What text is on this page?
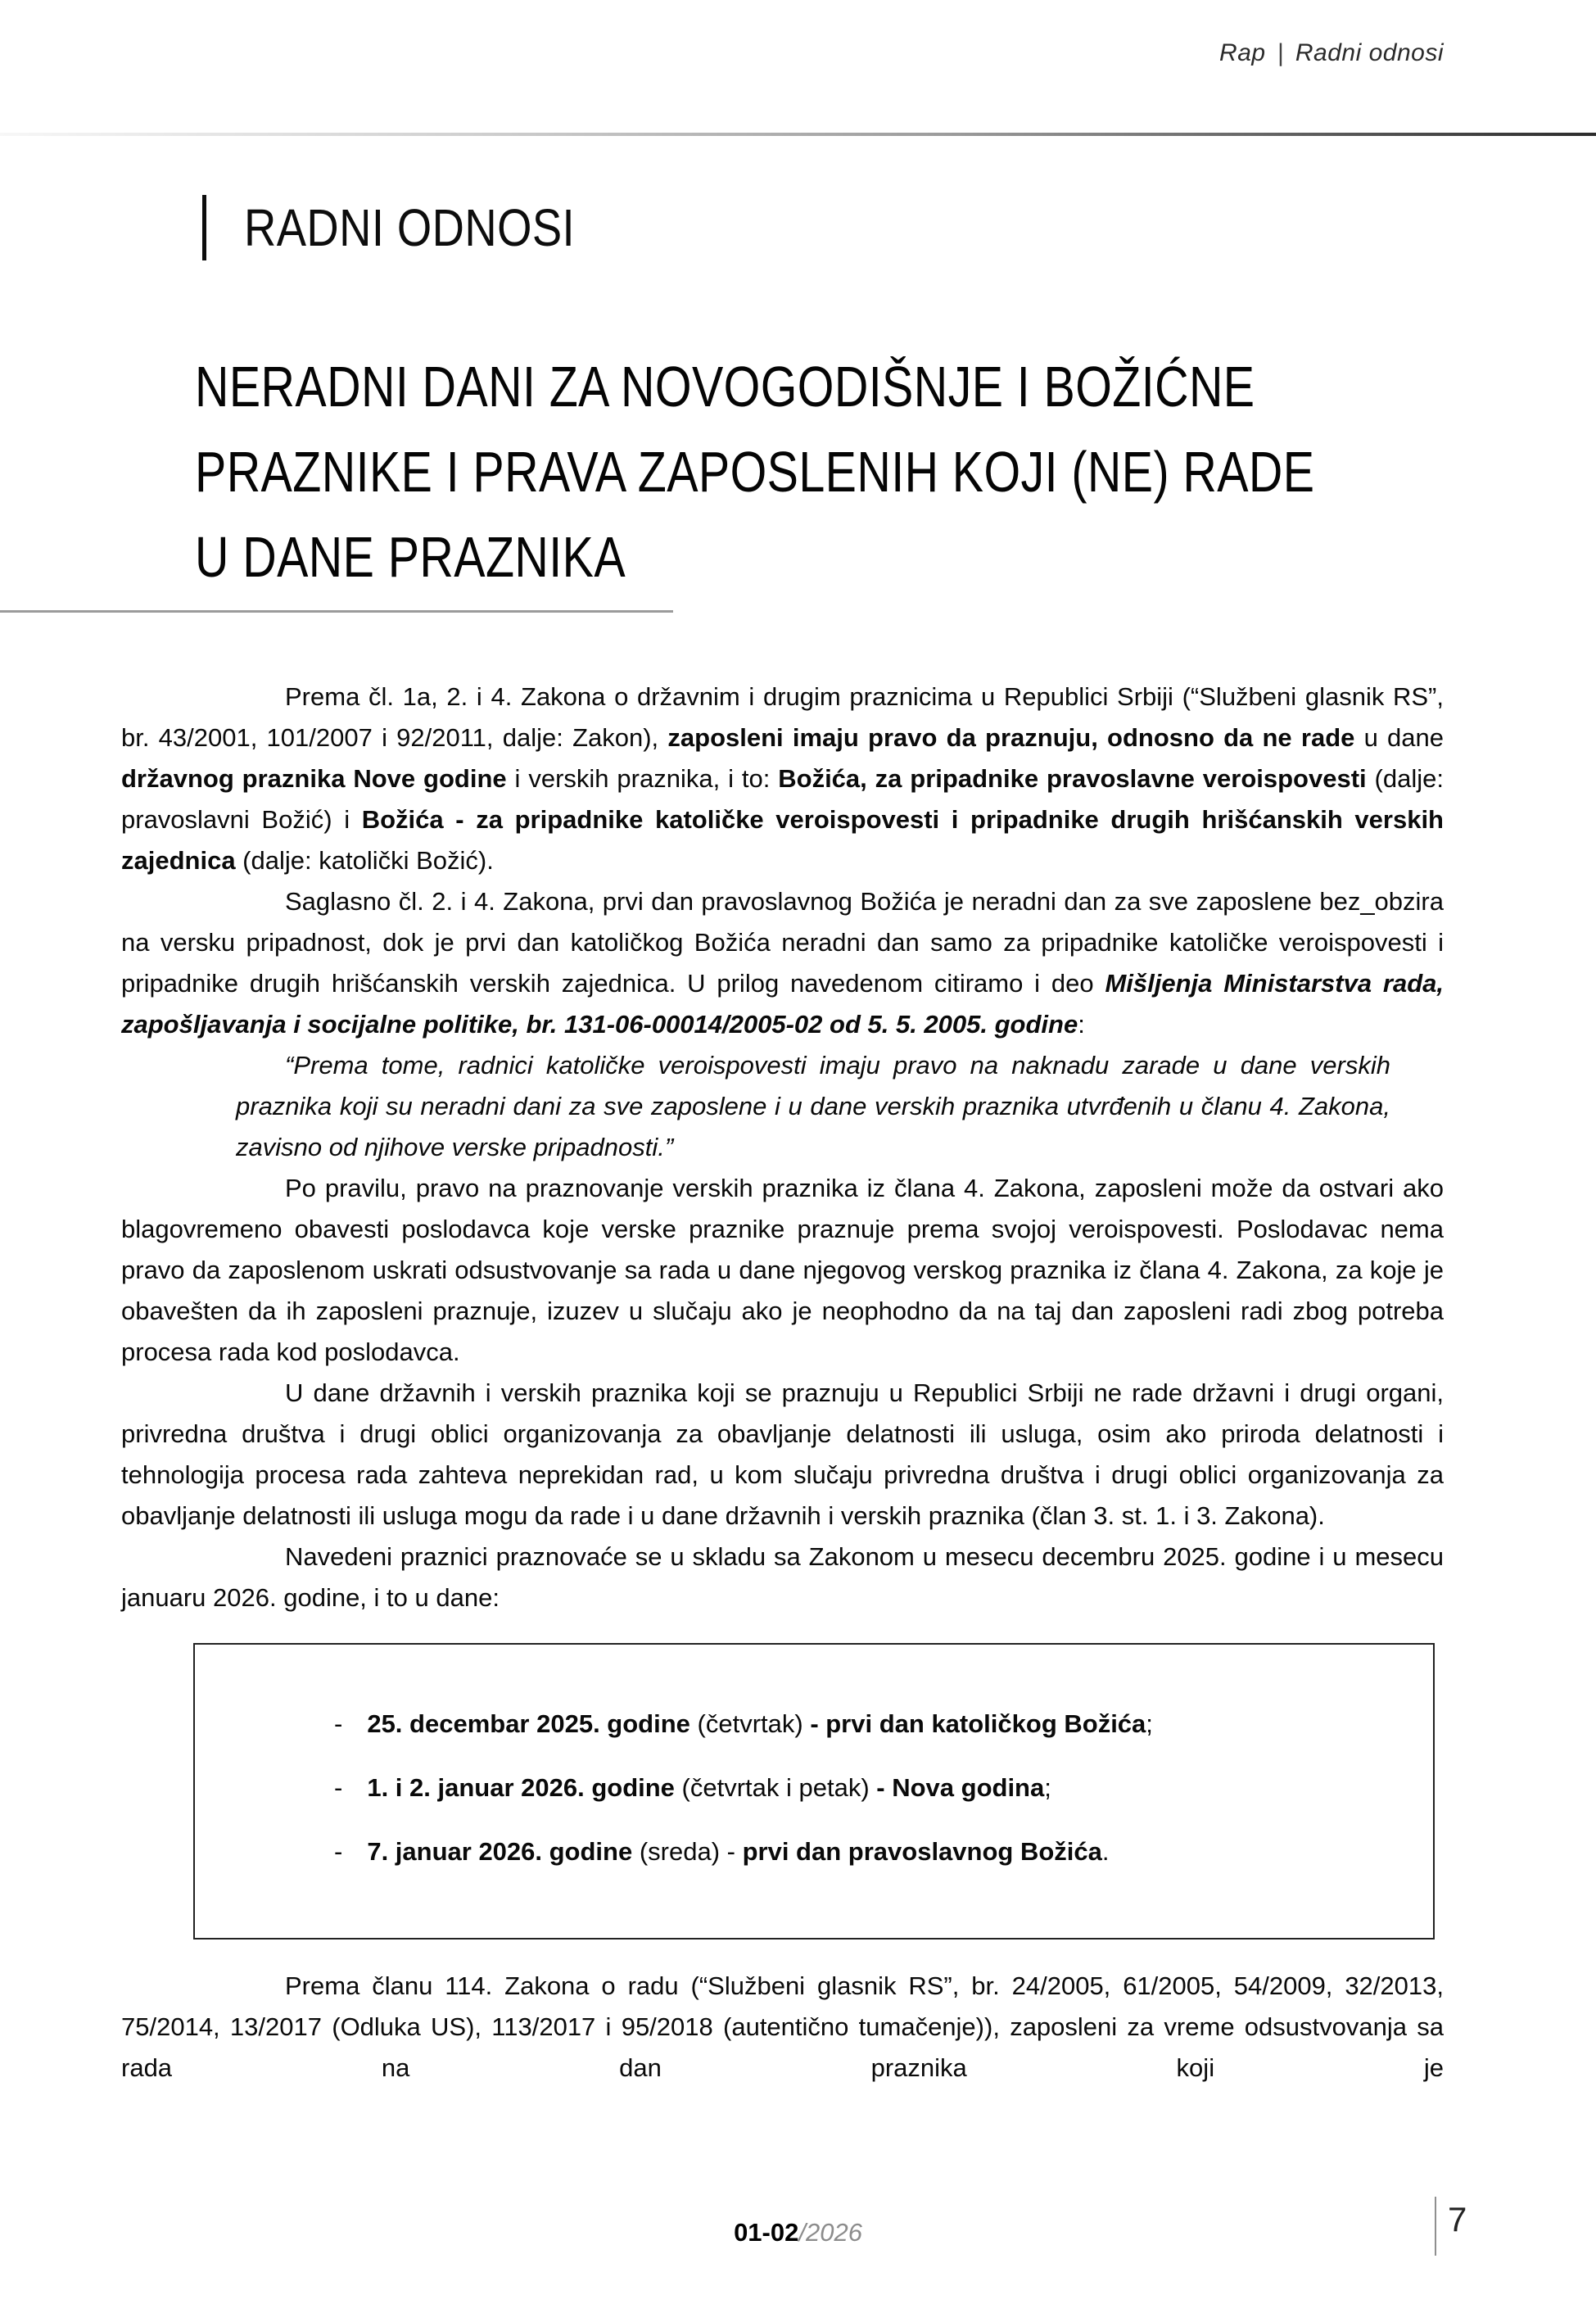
Rap | Radni odnosi
RADNI ODNOSI
NERADNI DANI ZA NOVOGODIŠNJE I BOŽIĆNE
PRAZNIKE I PRAVA ZAPOSLENIH KOJI (NE) RADE
U DANE PRAZNIKA

Prema čl. 1a, 2. i 4. Zakona o državnim i drugim praznicima u Republici Srbiji (“Službeni glasnik RS”, br. 43/2001, 101/2007 i 92/2011, dalje: Zakon), zaposleni imaju pravo da praznuju, odnosno da ne rade u dane državnog praznika Nove godine i verskih praznika, i to: Božića, za pripadnike pravoslavne veroispovesti (dalje: pravoslavni Božić) i Božića - za pripadnike katoličke veroispovesti i pripadnike drugih hrišćanskih verskih zajednica (dalje: katolički Božić).

Saglasno čl. 2. i 4. Zakona, prvi dan pravoslavnog Božića je neradni dan za sve zaposlene bez_obzira na versku pripadnost, dok je prvi dan katoličkog Božića neradni dan samo za pripadnike katoličke veroispovesti i pripadnike drugih hrišćanskih verskih zajednica. U prilog navedenom citiramo i deo Mišljenja Ministarstva rada, zapošljavanja i socijalne politike, br. 131-06-00014/2005-02 od 5. 5. 2005. godine:

“Prema tome, radnici katoličke veroispovesti imaju pravo na naknadu zarade u dane verskih praznika koji su neradni dani za sve zaposlene i u dane verskih praznika utvrđenih u članu 4. Zakona, zavisno od njihove verske pripadnosti.”

Po pravilu, pravo na praznovanje verskih praznika iz člana 4. Zakona, zaposleni može da ostvari ako blagovremeno obavesti poslodavca koje verske praznike praznuje prema svojoj veroispovesti. Poslodavac nema pravo da zaposlenom uskrati odsustvovanje sa rada u dane njegovog verskog praznika iz člana 4. Zakona, za koje je obavešten da ih zaposleni praznuje, izuzev u slučaju ako je neophodno da na taj dan zaposleni radi zbog potreba procesa rada kod poslodavca.

U dane državnih i verskih praznika koji se praznuju u Republici Srbiji ne rade državni i drugi organi, privredna društva i drugi oblici organizovanja za obavljanje delatnosti ili usluga, osim ako priroda delatnosti i tehnologija procesa rada zahteva neprekidan rad, u kom slučaju privredna društva i drugi oblici organizovanja za obavljanje delatnosti ili usluga mogu da rade i u dane državnih i verskih praznika (član 3. st. 1. i 3. Zakona).

Navedeni praznici praznovaće se u skladu sa Zakonom u mesecu decembru 2025. godine i u mesecu januaru 2026. godine, i to u dane:

- 25. decembar 2025. godine (četvrtak) - prvi dan katoličkog Božića;
- 1. i 2. januar 2026. godine (četvrtak i petak) - Nova godina;
- 7. januar 2026. godine (sreda) - prvi dan pravoslavnog Božića.

Prema članu 114. Zakona o radu (“Službeni glasnik RS”, br. 24/2005, 61/2005, 54/2009, 32/2013, 75/2014, 13/2017 (Odluka US), 113/2017 i 95/2018 (autentično tumačenje)), zaposleni za vreme odsustvovanja sa rada na dan praznika koji je

01-02/2026	7
